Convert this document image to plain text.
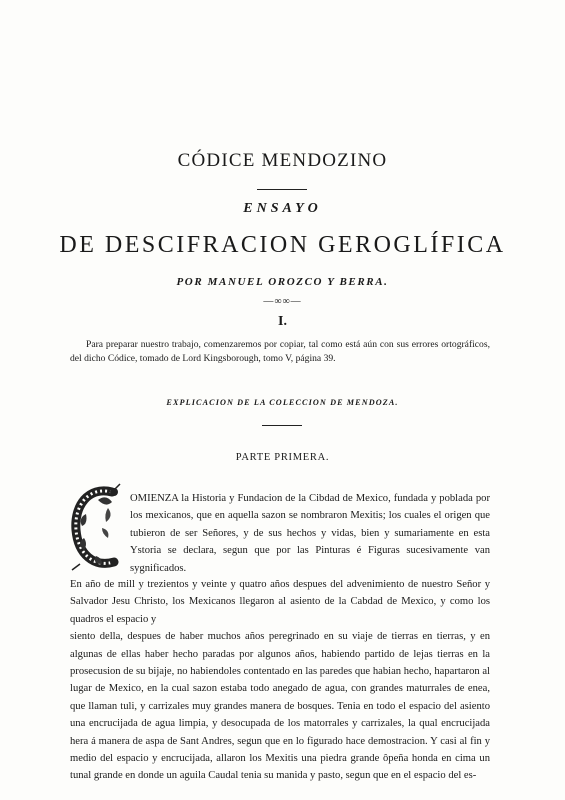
CÓDICE MENDOZINO
ENSAYO
DE DESCIFRACION GEROGLÍFICA
POR MANUEL OROZCO Y BERRA.
—∞∞—
I.

Para preparar nuestro trabajo, comenzaremos por copiar, tal como está aún con sus errores ortográficos, del dicho Códice, tomado de Lord Kingsborough, tomo V, página 39.

EXPLICACION DE LA COLECCION DE MENDOZA.
PARTE PRIMERA.

OMIENZA la Historia y Fundacion de la Cibdad de Mexico, fundada y poblada por los mexicanos, que en aquella sazon se nombraron Mexitis; los cuales el origen que tubieron de ser Señores, y de sus hechos y vidas, bien y sumariamente en esta Ystoria se declara, segun que por las Pinturas é Figuras sucesivamente van sygnificados.

En año de mill y trezientos y veinte y quatro años despues del advenimiento de nuestro Señor y Salvador Jesu Christo, los Mexicanos llegaron al asiento de la Cabdad de Mexico, y como los quadros el espacio y

siento della, despues de haber muchos años peregrinado en su viaje de tierras en tierras, y en algunas de ellas haber hecho paradas por algunos años, habiendo partido de lejas tierras en la prosecusion de su bijaje, no habiendoles contentado en las paredes que habian hecho, hapartaron al lugar de Mexico, en la cual sazon estaba todo anegado de agua, con grandes maturrales de enea, que llaman tuli, y carrizales muy grandes manera de bosques. Tenia en todo el espacio del asiento una encrucijada de agua limpia, y desocupada de los matorrales y carrizales, la qual encrucijada hera á manera de aspa de Sant Andres, segun que en lo figurado hace demostracion. Y casi al fin y medio del espacio y encrucijada, allaron los Mexitis una piedra grande ôpeña honda en cima un tunal grande en donde un aguila Caudal tenia su manida y pasto, segun que en el espacio del es-
